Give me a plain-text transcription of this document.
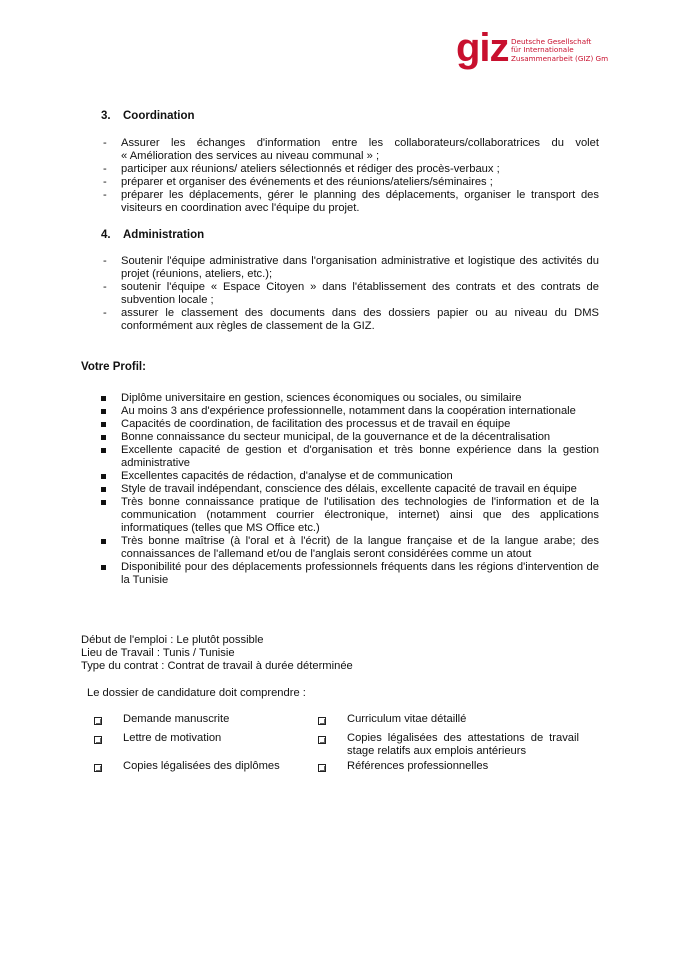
giz Deutsche Gesellschaft
für Internationale
Zusammenarbeit (GIZ) Gm
3. Coordination
- Assurer les échanges d'information entre les collaborateurs/collaboratrices du volet
« Amélioration des services au niveau communal » ;
- participer aux réunions/ ateliers sélectionnés et rédiger des procès-verbaux ;
- préparer et organiser des événements et des réunions/ateliers/séminaires ;
- préparer les déplacements, gérer le planning des déplacements, organiser le transport des
visiteurs en coordination avec l'équipe du projet.
4. Administration
- Soutenir l'équipe administrative dans l'organisation administrative et logistique des activités du
projet (réunions, ateliers, etc.);
- soutenir l'équipe « Espace Citoyen » dans l'établissement des contrats et des contrats de
subvention locale ;
- assurer le classement des documents dans des dossiers papier ou au niveau du DMS
conformément aux règles de classement de la GIZ.
Votre Profil:
Diplôme universitaire en gestion, sciences économiques ou sociales, ou similaire
Au moins 3 ans d'expérience professionnelle, notamment dans la coopération internationale
Capacités de coordination, de facilitation des processus et de travail en équipe
Bonne connaissance du secteur municipal, de la gouvernance et de la décentralisation
Excellente capacité de gestion et d'organisation et très bonne expérience dans la gestion
administrative
Excellentes capacités de rédaction, d'analyse et de communication
Style de travail indépendant, conscience des délais, excellente capacité de travail en équipe
Très bonne connaissance pratique de l'utilisation des technologies de l'information et de la
communication (notamment courrier électronique, internet) ainsi que des applications
informatiques (telles que MS Office etc.)
Très bonne maîtrise (à l'oral et à l'écrit) de la langue française et de la langue arabe; des
connaissances de l'allemand et/ou de l'anglais seront considérées comme un atout
Disponibilité pour des déplacements professionnels fréquents dans les régions d'intervention de
la Tunisie
Début de l'emploi : Le plutôt possible
Lieu de Travail : Tunis / Tunisie
Type du contrat : Contrat de travail à durée déterminée
Le dossier de candidature doit comprendre :
Demande manuscrite
Lettre de motivation
Copies légalisées des diplômes
Curriculum vitae détaillé
Copies légalisées des attestations de travail
stage relatifs aux emplois antérieurs
Références professionnelles
